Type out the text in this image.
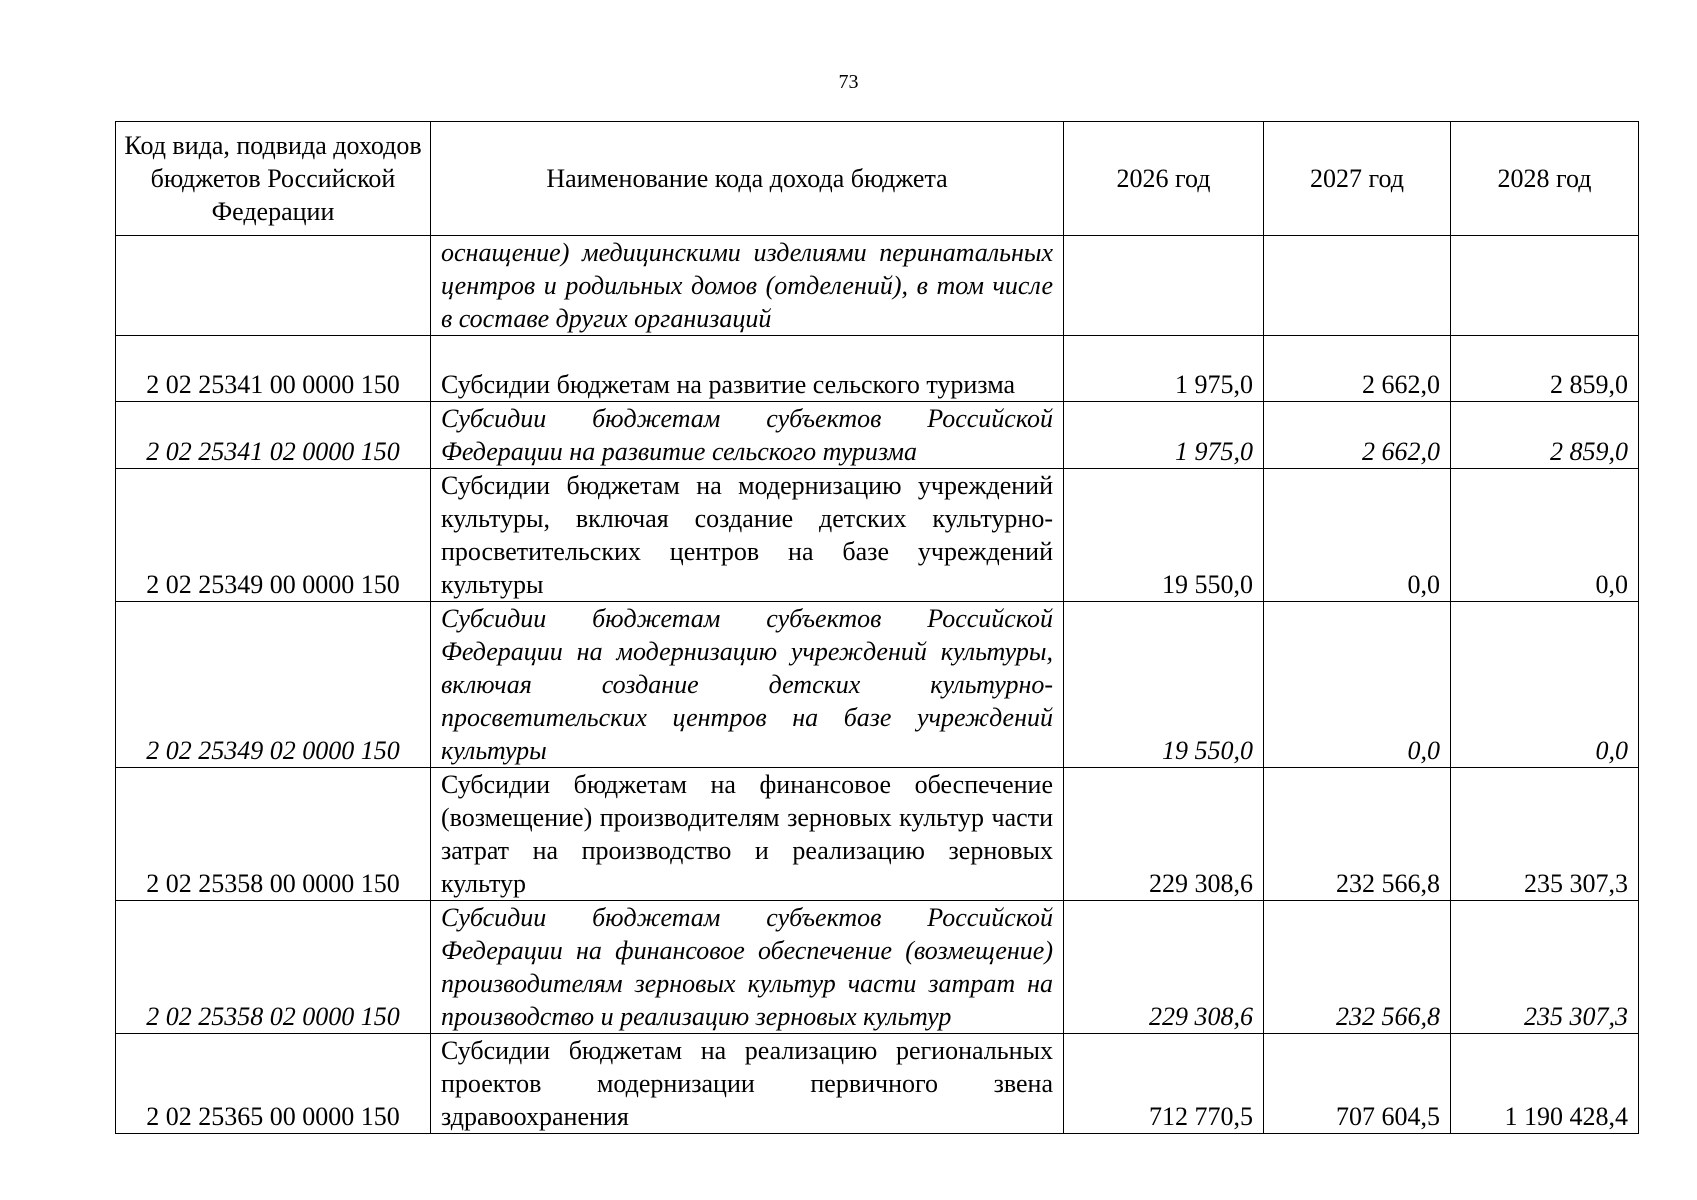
73
Код вида, подвида доходов бюджетов Российской Федерации	Наименование кода дохода бюджета	2026 год	2027 год	2028 год
	оснащение) медицинскими изделиями перинатальных центров и родильных домов (отделений), в том числе в составе других организаций			
2 02 25341 00 0000 150	Субсидии бюджетам на развитие сельского туризма	1 975,0	2 662,0	2 859,0
2 02 25341 02 0000 150	Субсидии бюджетам субъектов Российской Федерации на развитие сельского туризма	1 975,0	2 662,0	2 859,0
2 02 25349 00 0000 150	Субсидии бюджетам на модернизацию учреждений культуры, включая создание детских культурно-просветительских центров на базе учреждений культуры	19 550,0	0,0	0,0
2 02 25349 02 0000 150	Субсидии бюджетам субъектов Российской Федерации на модернизацию учреждений культуры, включая создание детских культурно-просветительских центров на базе учреждений культуры	19 550,0	0,0	0,0
2 02 25358 00 0000 150	Субсидии бюджетам на финансовое обеспечение (возмещение) производителям зерновых культур части затрат на производство и реализацию зерновых культур	229 308,6	232 566,8	235 307,3
2 02 25358 02 0000 150	Субсидии бюджетам субъектов Российской Федерации на финансовое обеспечение (возмещение) производителям зерновых культур части затрат на производство и реализацию зерновых культур	229 308,6	232 566,8	235 307,3
2 02 25365 00 0000 150	Субсидии бюджетам на реализацию региональных проектов модернизации первичного звена здравоохранения	712 770,5	707 604,5	1 190 428,4
